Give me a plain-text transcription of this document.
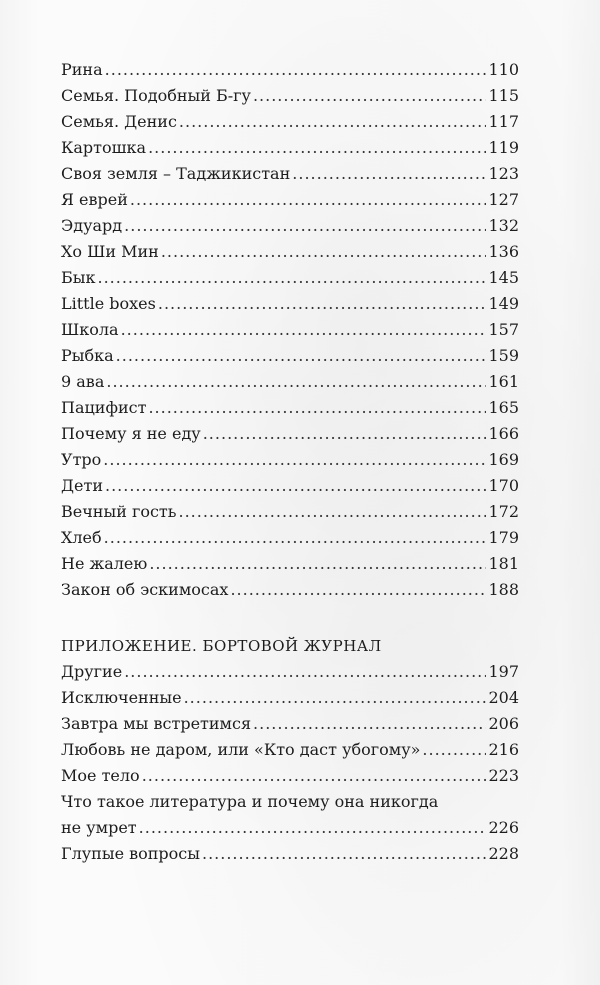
Рина .....	110
Семья. Подобный Б-гу .....	115
Семья. Денис .....	117
Картошка .....	119
Своя земля – Таджикистан .....	123
Я еврей .....	127
Эдуард .....	132
Хо Ши Мин .....	136
Бык .....	145
Little boxes .....	149
Школа .....	157
Рыбка .....	159
9 ава .....	161
Пацифист .....	165
Почему я не еду .....	166
Утро .....	169
Дети .....	170
Вечный гость .....	172
Хлеб .....	179
Не жалею .....	181
Закон об эскимосах .....	188
ПРИЛОЖЕНИЕ. БОРТОВОЙ ЖУРНАЛ
Другие .....	197
Исключенные .....	204
Завтра мы встретимся .....	206
Любовь не даром, или «Кто даст убогому» .....	216
Мое тело .....	223
Что такое литература и почему она никогда
не умрет .....	226
Глупые вопросы .....	228
